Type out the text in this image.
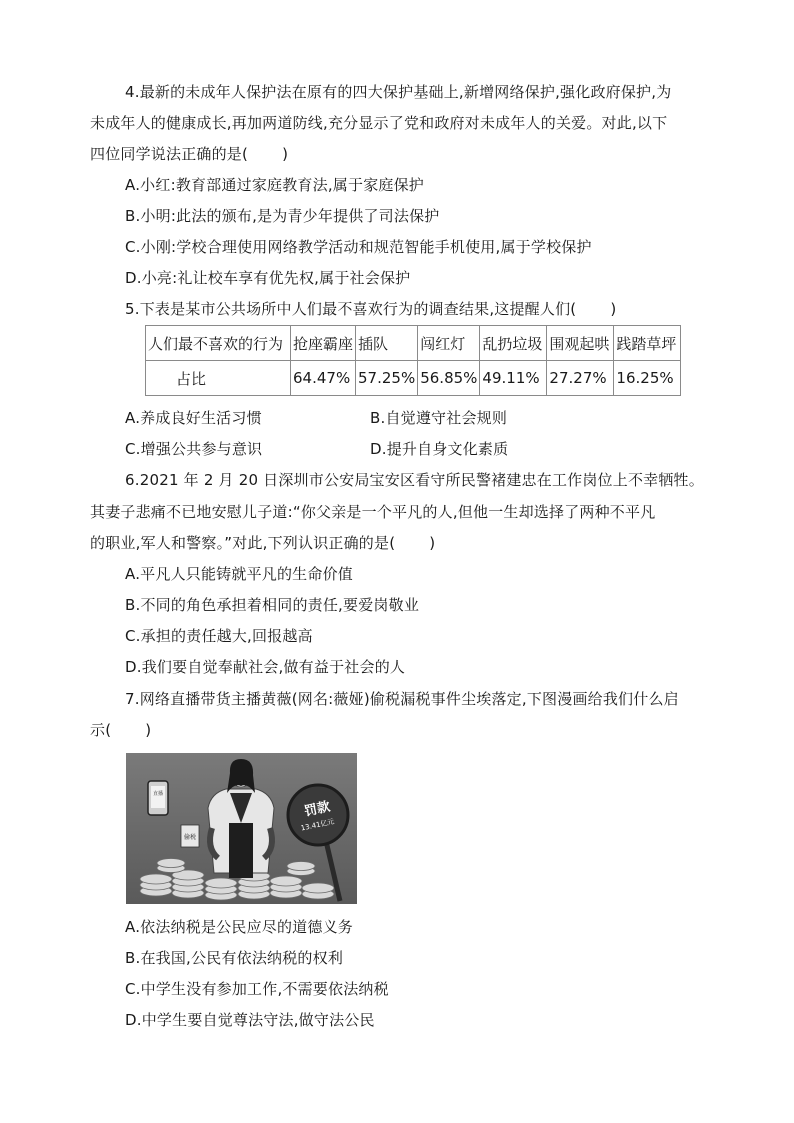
4.最新的未成年人保护法在原有的四大保护基础上,新增网络保护,强化政府保护,为
未成年人的健康成长,再加两道防线,充分显示了党和政府对未成年人的关爱。对此,以下
四位同学说法正确的是( )
A.小红:教育部通过家庭教育法,属于家庭保护
B.小明:此法的颁布,是为青少年提供了司法保护
C.小刚:学校合理使用网络教学活动和规范智能手机使用,属于学校保护
D.小亮:礼让校车享有优先权,属于社会保护
5.下表是某市公共场所中人们最不喜欢行为的调查结果,这提醒人们( )
人们最不喜欢的行为	抢座霸座	插队	闯红灯	乱扔垃圾	围观起哄	践踏草坪
占比	64.47%	57.25%	56.85%	49.11%	27.27%	16.25%
A.养成良好生活习惯	B.自觉遵守社会规则
C.增强公共参与意识	D.提升自身文化素质
6.2021 年 2 月 20 日深圳市公安局宝安区看守所民警褚建忠在工作岗位上不幸牺牲。
其妻子悲痛不已地安慰儿子道:“你父亲是一个平凡的人,但他一生却选择了两种不平凡
的职业,军人和警察。”对此,下列认识正确的是( )
A.平凡人只能铸就平凡的生命价值
B.不同的角色承担着相同的责任,要爱岗敬业
C.承担的责任越大,回报越高
D.我们要自觉奉献社会,做有益于社会的人
7.网络直播带货主播黄薇(网名:薇娅)偷税漏税事件尘埃落定,下图漫画给我们什么启
示( )
直播
偷税
罚款
13.41亿元
A.依法纳税是公民应尽的道德义务
B.在我国,公民有依法纳税的权利
C.中学生没有参加工作,不需要依法纳税
D.中学生要自觉尊法守法,做守法公民
